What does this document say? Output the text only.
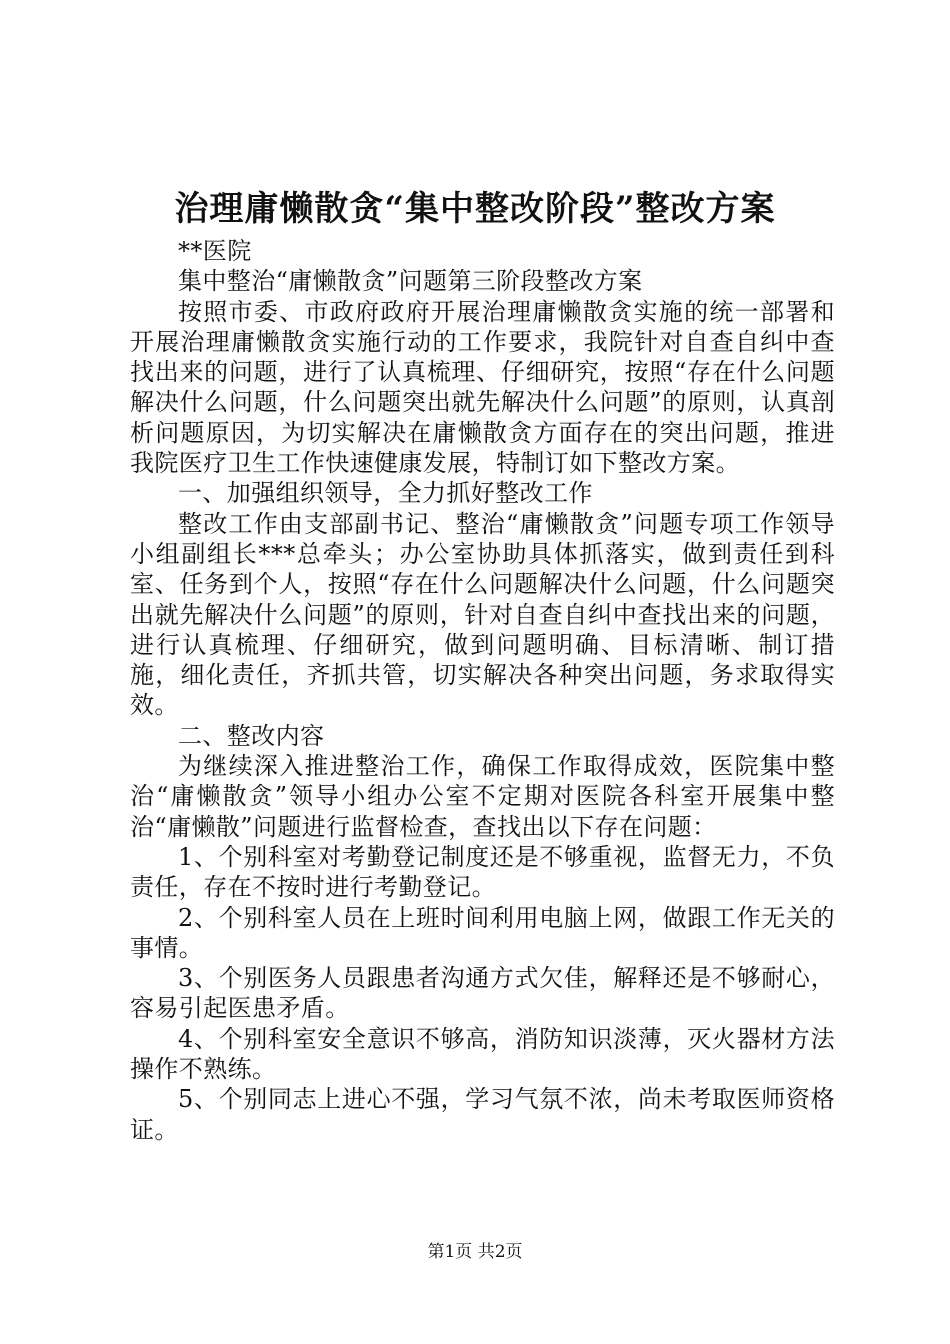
治理庸懒散贪“集中整改阶段”整改方案

**医院

集中整治“庸懒散贪”问题第三阶段整改方案

按照市委、市政府政府开展治理庸懒散贪实施的统一部署和开展治理庸懒散贪实施行动的工作要求，我院针对自查自纠中查找出来的问题，进行了认真梳理、仔细研究，按照“存在什么问题解决什么问题，什么问题突出就先解决什么问题”的原则，认真剖析问题原因，为切实解决在庸懒散贪方面存在的突出问题，推进我院医疗卫生工作快速健康发展，特制订如下整改方案。

一、加强组织领导，全力抓好整改工作

整改工作由支部副书记、整治“庸懒散贪”问题专项工作领导小组副组长***总牵头；办公室协助具体抓落实，做到责任到科室、任务到个人，按照“存在什么问题解决什么问题，什么问题突出就先解决什么问题”的原则，针对自查自纠中查找出来的问题，进行认真梳理、仔细研究，做到问题明确、目标清晰、制订措施，细化责任，齐抓共管，切实解决各种突出问题，务求取得实效。

二、整改内容

为继续深入推进整治工作，确保工作取得成效，医院集中整治“庸懒散贪”领导小组办公室不定期对医院各科室开展集中整治“庸懒散”问题进行监督检查，查找出以下存在问题：

1、个别科室对考勤登记制度还是不够重视，监督无力，不负责任，存在不按时进行考勤登记。

2、个别科室人员在上班时间利用电脑上网，做跟工作无关的事情。

3、个别医务人员跟患者沟通方式欠佳，解释还是不够耐心，容易引起医患矛盾。

4、个别科室安全意识不够高，消防知识淡薄，灭火器材方法操作不熟练。

5、个别同志上进心不强，学习气氛不浓，尚未考取医师资格证。

第1页 共2页
